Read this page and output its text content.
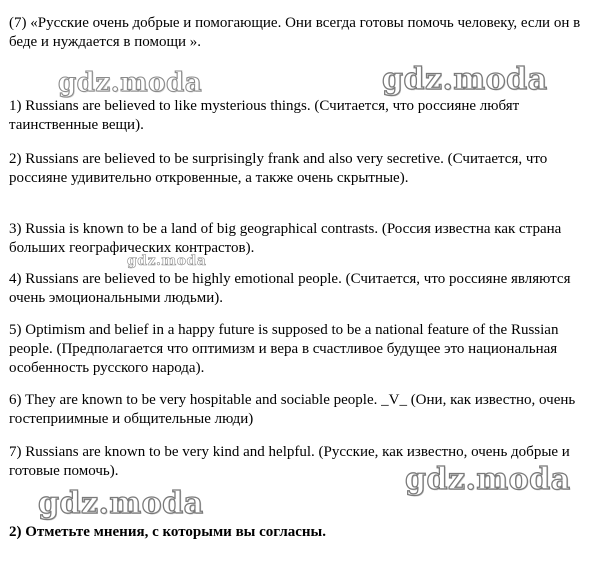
(7) «Русские очень добрые и помогающие. Они всегда готовы помочь человеку, если он в беде и нуждается в помощи ».
gdz.moda	gdz.moda
1) Russians are believed to like mysterious things. (Считается, что россияне любят таинственные вещи).
2) Russians are believed to be surprisingly frank and also very secretive. (Считается, что россияне удивительно откровенные, а также очень скрытные).
3) Russia is known to be a land of big geographical contrasts. (Россия известна как страна больших географических контрастов).
gdz.moda
4) Russians are believed to be highly emotional people. (Считается, что россияне являются очень эмоциональными людьми).
5) Optimism and belief in a happy future is supposed to be a national feature of the Russian people. (Предполагается что оптимизм и вера в счастливое будущее это национальная особенность русского народа).
6) They are known to be very hospitable and sociable people. _V_ (Они, как известно, очень гостеприимные и общительные люди)
7) Russians are known to be very kind and helpful. (Русские, как известно, очень добрые и готовые помочь).	gdz.moda
gdz.moda
2) Отметьте мнения, с которыми вы согласны.
